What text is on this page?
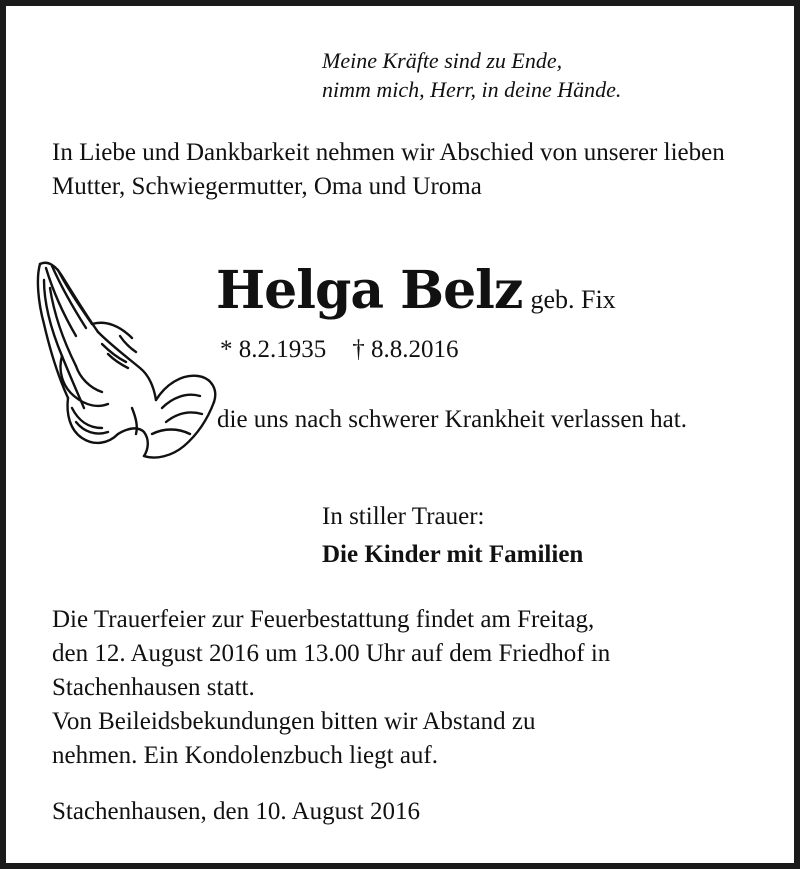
Meine Kräfte sind zu Ende,
nimm mich, Herr, in deine Hände.

In Liebe und Dankbarkeit nehmen wir Abschied von unserer lieben Mutter, Schwiegermutter, Oma und Uroma

Helga Belz geb. Fix

* 8.2.1935 † 8.8.2016

die uns nach schwerer Krankheit verlassen hat.

In stiller Trauer:

Die Kinder mit Familien

Die Trauerfeier zur Feuerbestattung findet am Freitag,
den 12. August 2016 um 13.00 Uhr auf dem Friedhof in
Stachenhausen statt.
Von Beileidsbekundungen bitten wir Abstand zu
nehmen. Ein Kondolenzbuch liegt auf.

Stachenhausen, den 10. August 2016
